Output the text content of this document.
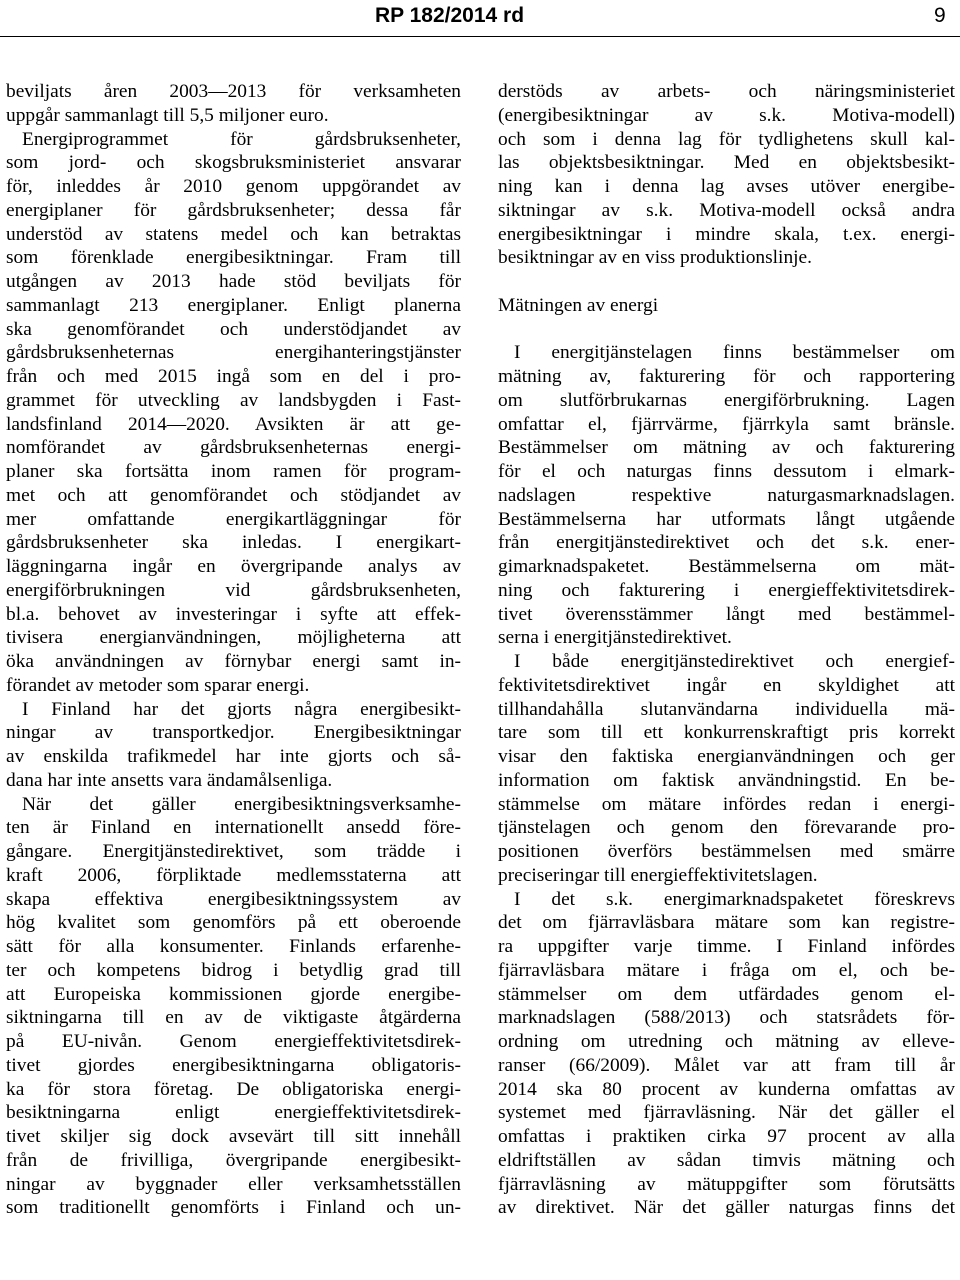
RP 182/2014 rd	9
beviljats åren 2003—2013 för verksamheten
uppgår sammanlagt till 5,5 miljoner euro.
Energiprogrammet för gårdsbruksenheter,
som jord- och skogsbruksministeriet ansvarar
för, inleddes år 2010 genom uppgörandet av
energiplaner för gårdsbruksenheter; dessa får
understöd av statens medel och kan betraktas
som förenklade energibesiktningar. Fram till
utgången av 2013 hade stöd beviljats för
sammanlagt 213 energiplaner. Enligt planerna
ska genomförandet och understödjandet av
gårdsbruksenheternas energihanteringstjänster
från och med 2015 ingå som en del i pro-
grammet för utveckling av landsbygden i Fast-
landsfinland 2014—2020. Avsikten är att ge-
nomförandet av gårdsbruksenheternas energi-
planer ska fortsätta inom ramen för program-
met och att genomförandet och stödjandet av
mer omfattande energikartläggningar för
gårdsbruksenheter ska inledas. I energikart-
läggningarna ingår en övergripande analys av
energiförbrukningen vid gårdsbruksenheten,
bl.a. behovet av investeringar i syfte att effek-
tivisera energianvändningen, möjligheterna att
öka användningen av förnybar energi samt in-
förandet av metoder som sparar energi.
I Finland har det gjorts några energibesikt-
ningar av transportkedjor. Energibesiktningar
av enskilda trafikmedel har inte gjorts och så-
dana har inte ansetts vara ändamålsenliga.
När det gäller energibesiktningsverksamhe-
ten är Finland en internationellt ansedd före-
gångare. Energitjänstedirektivet, som trädde i
kraft 2006, förpliktade medlemsstaterna att
skapa effektiva energibesiktningssystem av
hög kvalitet som genomförs på ett oberoende
sätt för alla konsumenter. Finlands erfarenhe-
ter och kompetens bidrog i betydlig grad till
att Europeiska kommissionen gjorde energibe-
siktningarna till en av de viktigaste åtgärderna
på EU-nivån. Genom energieffektivitetsdirek-
tivet gjordes energibesiktningarna obligatoris-
ka för stora företag. De obligatoriska energi-
besiktningarna enligt energieffektivitetsdirek-
tivet skiljer sig dock avsevärt till sitt innehåll
från de frivilliga, övergripande energibesikt-
ningar av byggnader eller verksamhetsställen
som traditionellt genomförts i Finland och un-
derstöds av arbets- och näringsministeriet
(energibesiktningar av s.k. Motiva-modell)
och som i denna lag för tydlighetens skull kal-
las objektsbesiktningar. Med en objektsbesikt-
ning kan i denna lag avses utöver energibe-
siktningar av s.k. Motiva-modell också andra
energibesiktningar i mindre skala, t.ex. energi-
besiktningar av en viss produktionslinje.
Mätningen av energi
I energitjänstelagen finns bestämmelser om
mätning av, fakturering för och rapportering
om slutförbrukarnas energiförbrukning. Lagen
omfattar el, fjärrvärme, fjärrkyla samt bränsle.
Bestämmelser om mätning av och fakturering
för el och naturgas finns dessutom i elmark-
nadslagen respektive naturgasmarknadslagen.
Bestämmelserna har utformats långt utgående
från energitjänstedirektivet och det s.k. ener-
gimarknadspaketet. Bestämmelserna om mät-
ning och fakturering i energieffektivitetsdirek-
tivet överensstämmer långt med bestämmel-
serna i energitjänstedirektivet.
I både energitjänstedirektivet och energief-
fektivitetsdirektivet ingår en skyldighet att
tillhandahålla slutanvändarna individuella mä-
tare som till ett konkurrenskraftigt pris korrekt
visar den faktiska energianvändningen och ger
information om faktisk användningstid. En be-
stämmelse om mätare infördes redan i energi-
tjänstelagen och genom den förevarande pro-
positionen överförs bestämmelsen med smärre
preciseringar till energieffektivitetslagen.
I det s.k. energimarknadspaketet föreskrevs
det om fjärravläsbara mätare som kan registre-
ra uppgifter varje timme. I Finland infördes
fjärravläsbara mätare i fråga om el, och be-
stämmelser om dem utfärdades genom el-
marknadslagen (588/2013) och statsrådets för-
ordning om utredning och mätning av elleve-
ranser (66/2009). Målet var att fram till år
2014 ska 80 procent av kunderna omfattas av
systemet med fjärravläsning. När det gäller el
omfattas i praktiken cirka 97 procent av alla
eldriftställen av sådan timvis mätning och
fjärravläsning av mätuppgifter som förutsätts
av direktivet. När det gäller naturgas finns det
